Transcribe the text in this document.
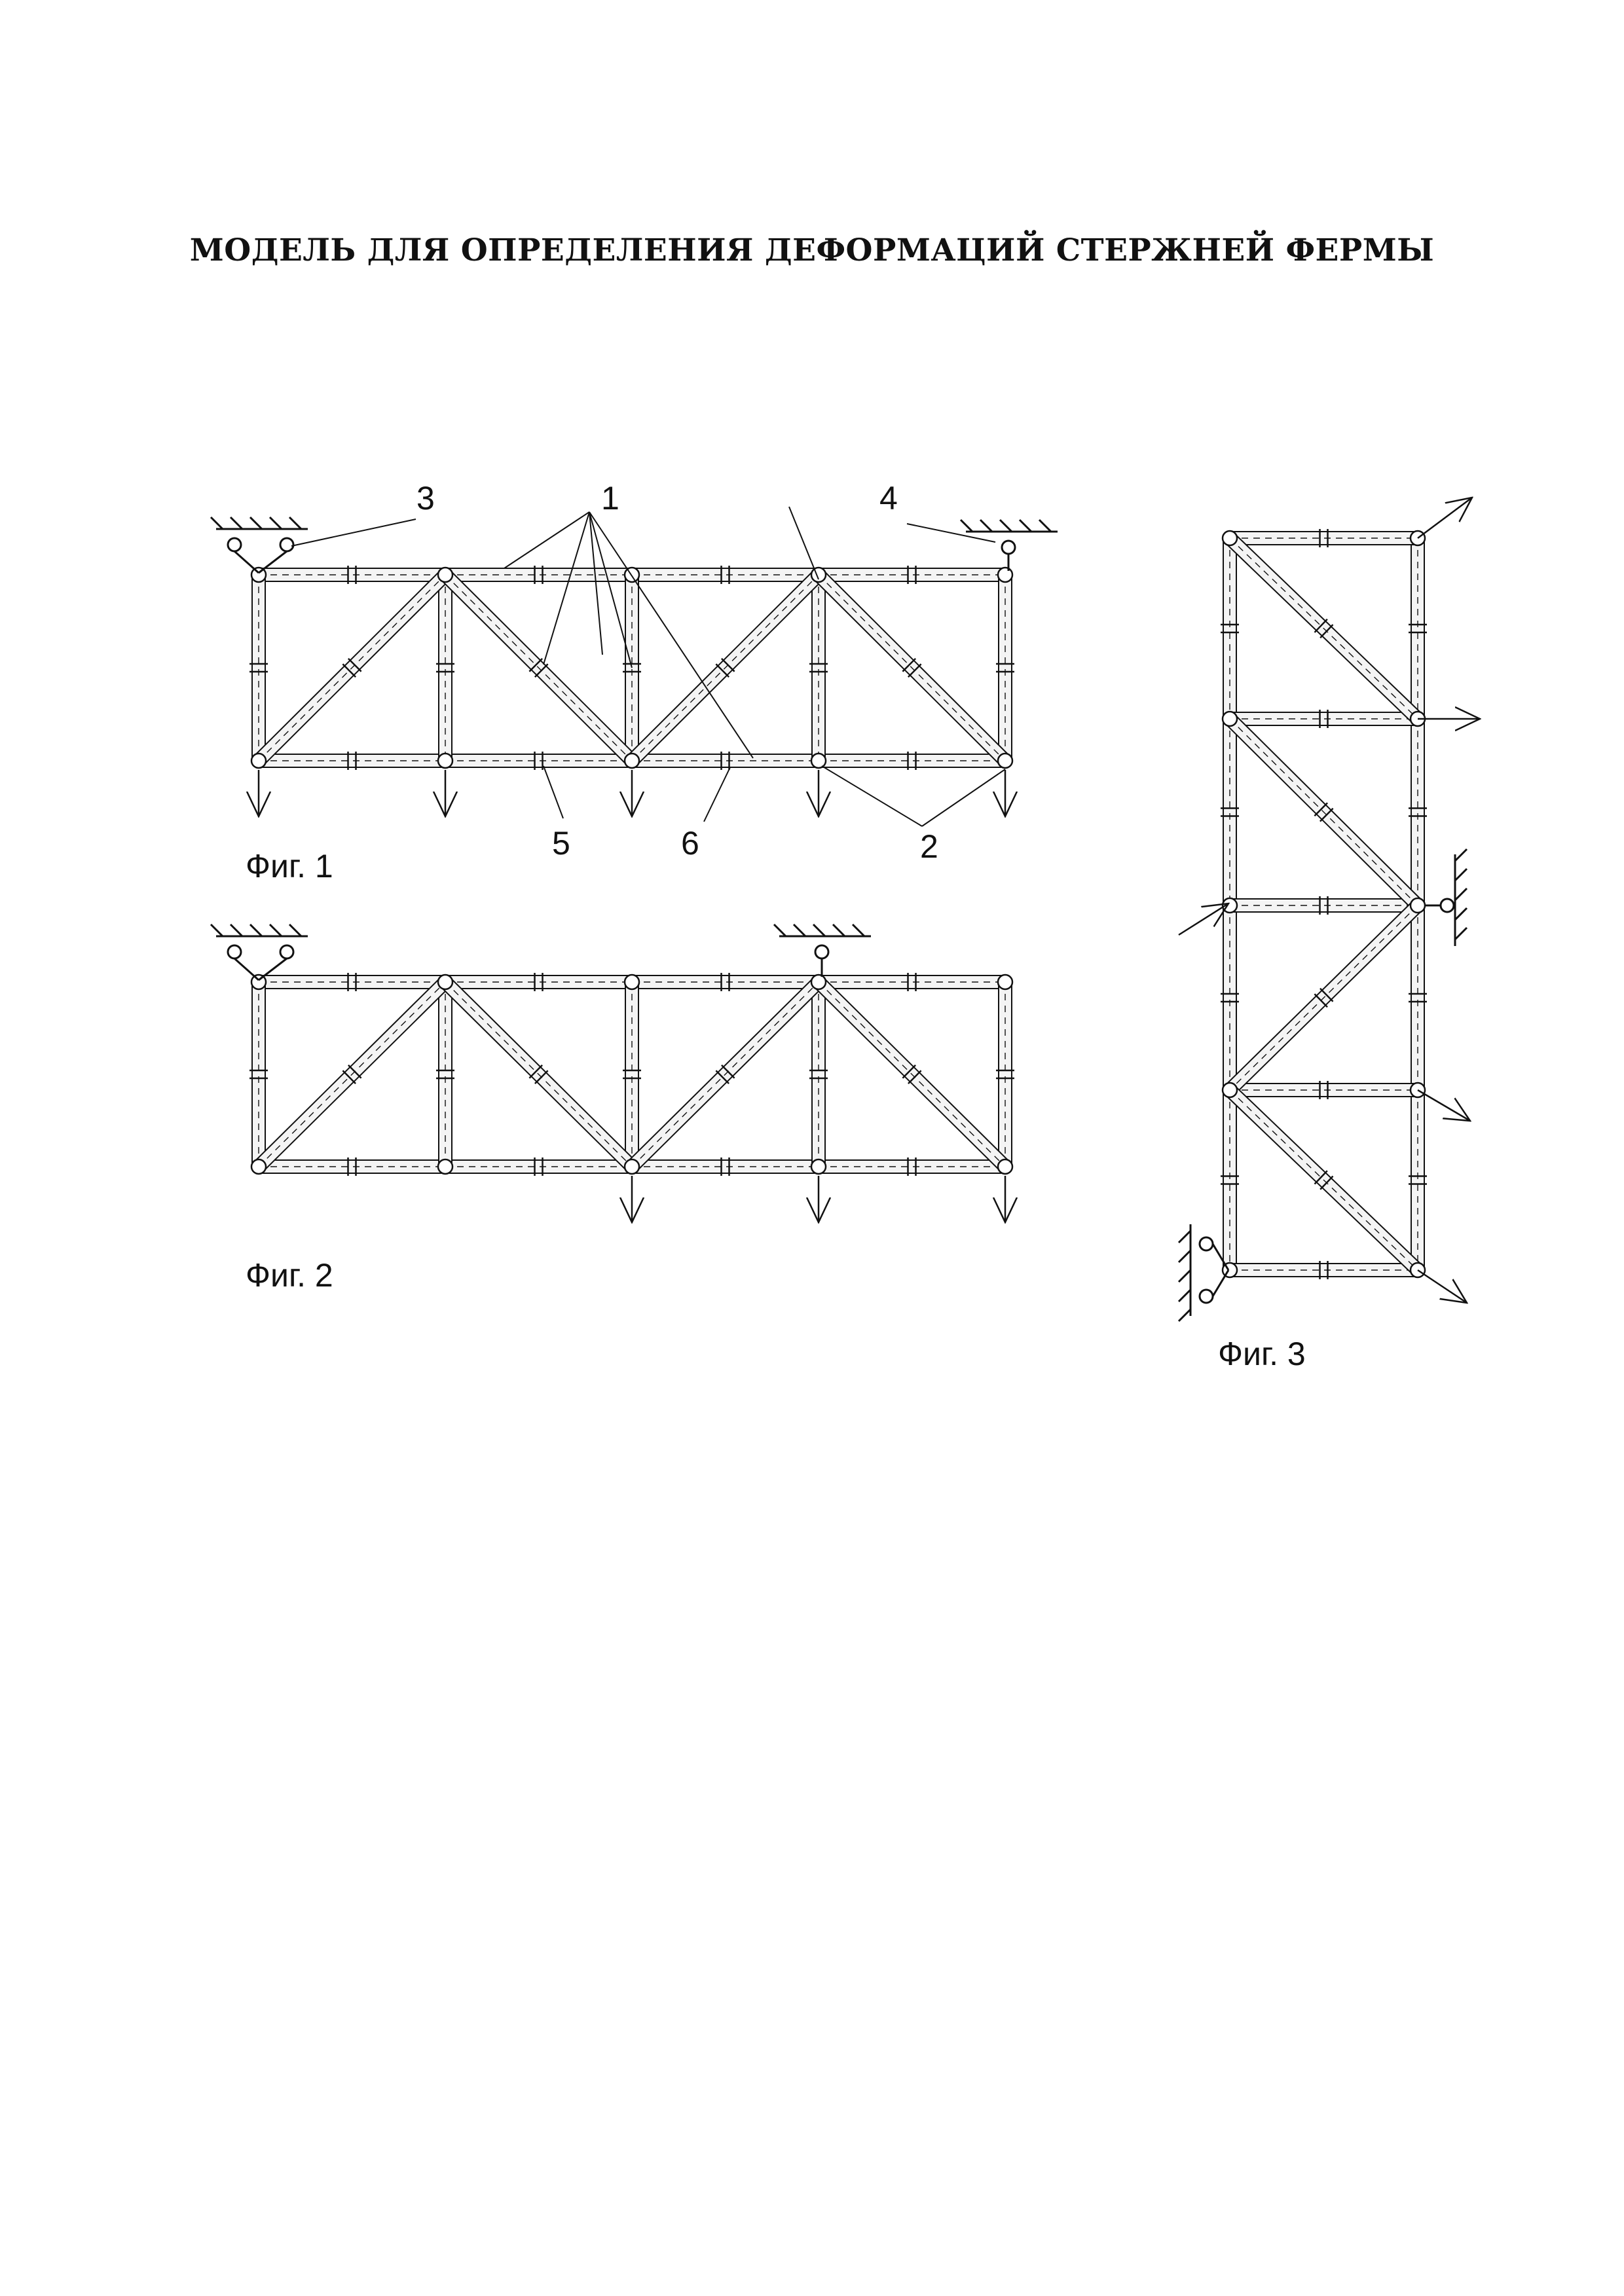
МОДЕЛЬ ДЛЯ ОПРЕДЕЛЕНИЯ ДЕФОРМАЦИЙ СТЕРЖНЕЙ ФЕРМЫ
3	1	4
5	6	2
Фиг. 1
Фиг. 2
Фиг. 3
